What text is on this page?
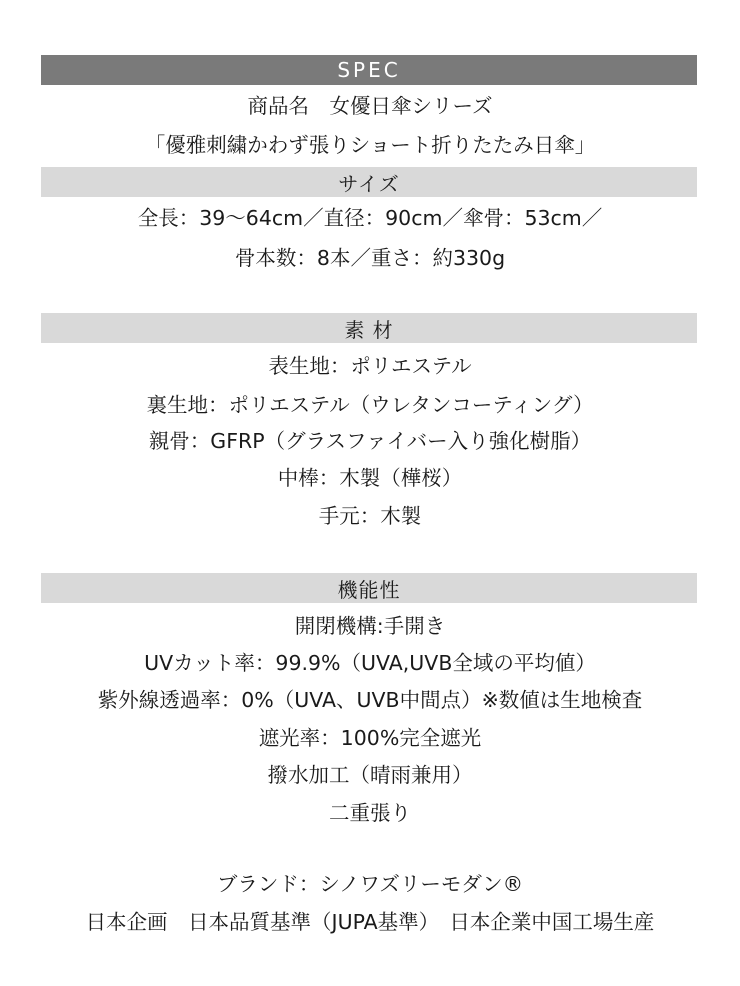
SPEC
商品名　女優日傘シリーズ
「優雅刺繍かわず張りショート折りたたみ日傘」
サイズ
全長：39〜64cm／直径：90cm／傘骨：53cm／
骨本数：8本／重さ：約330g
素 材
表生地：ポリエステル
裏生地：ポリエステル（ウレタンコーティング）
親骨：GFRP（グラスファイバー入り強化樹脂）
中棒：木製（樺桜）
手元：木製
機能性
開閉機構:手開き
UVカット率：99.9%（UVA,UVB全域の平均値）
紫外線透過率：0%（UVA、UVB中間点）※数値は生地検査
遮光率：100%完全遮光
撥水加工（晴雨兼用）
二重張り
ブランド：シノワズリーモダン®
日本企画　日本品質基準（JUPA基準）　日本企業中国工場生産
